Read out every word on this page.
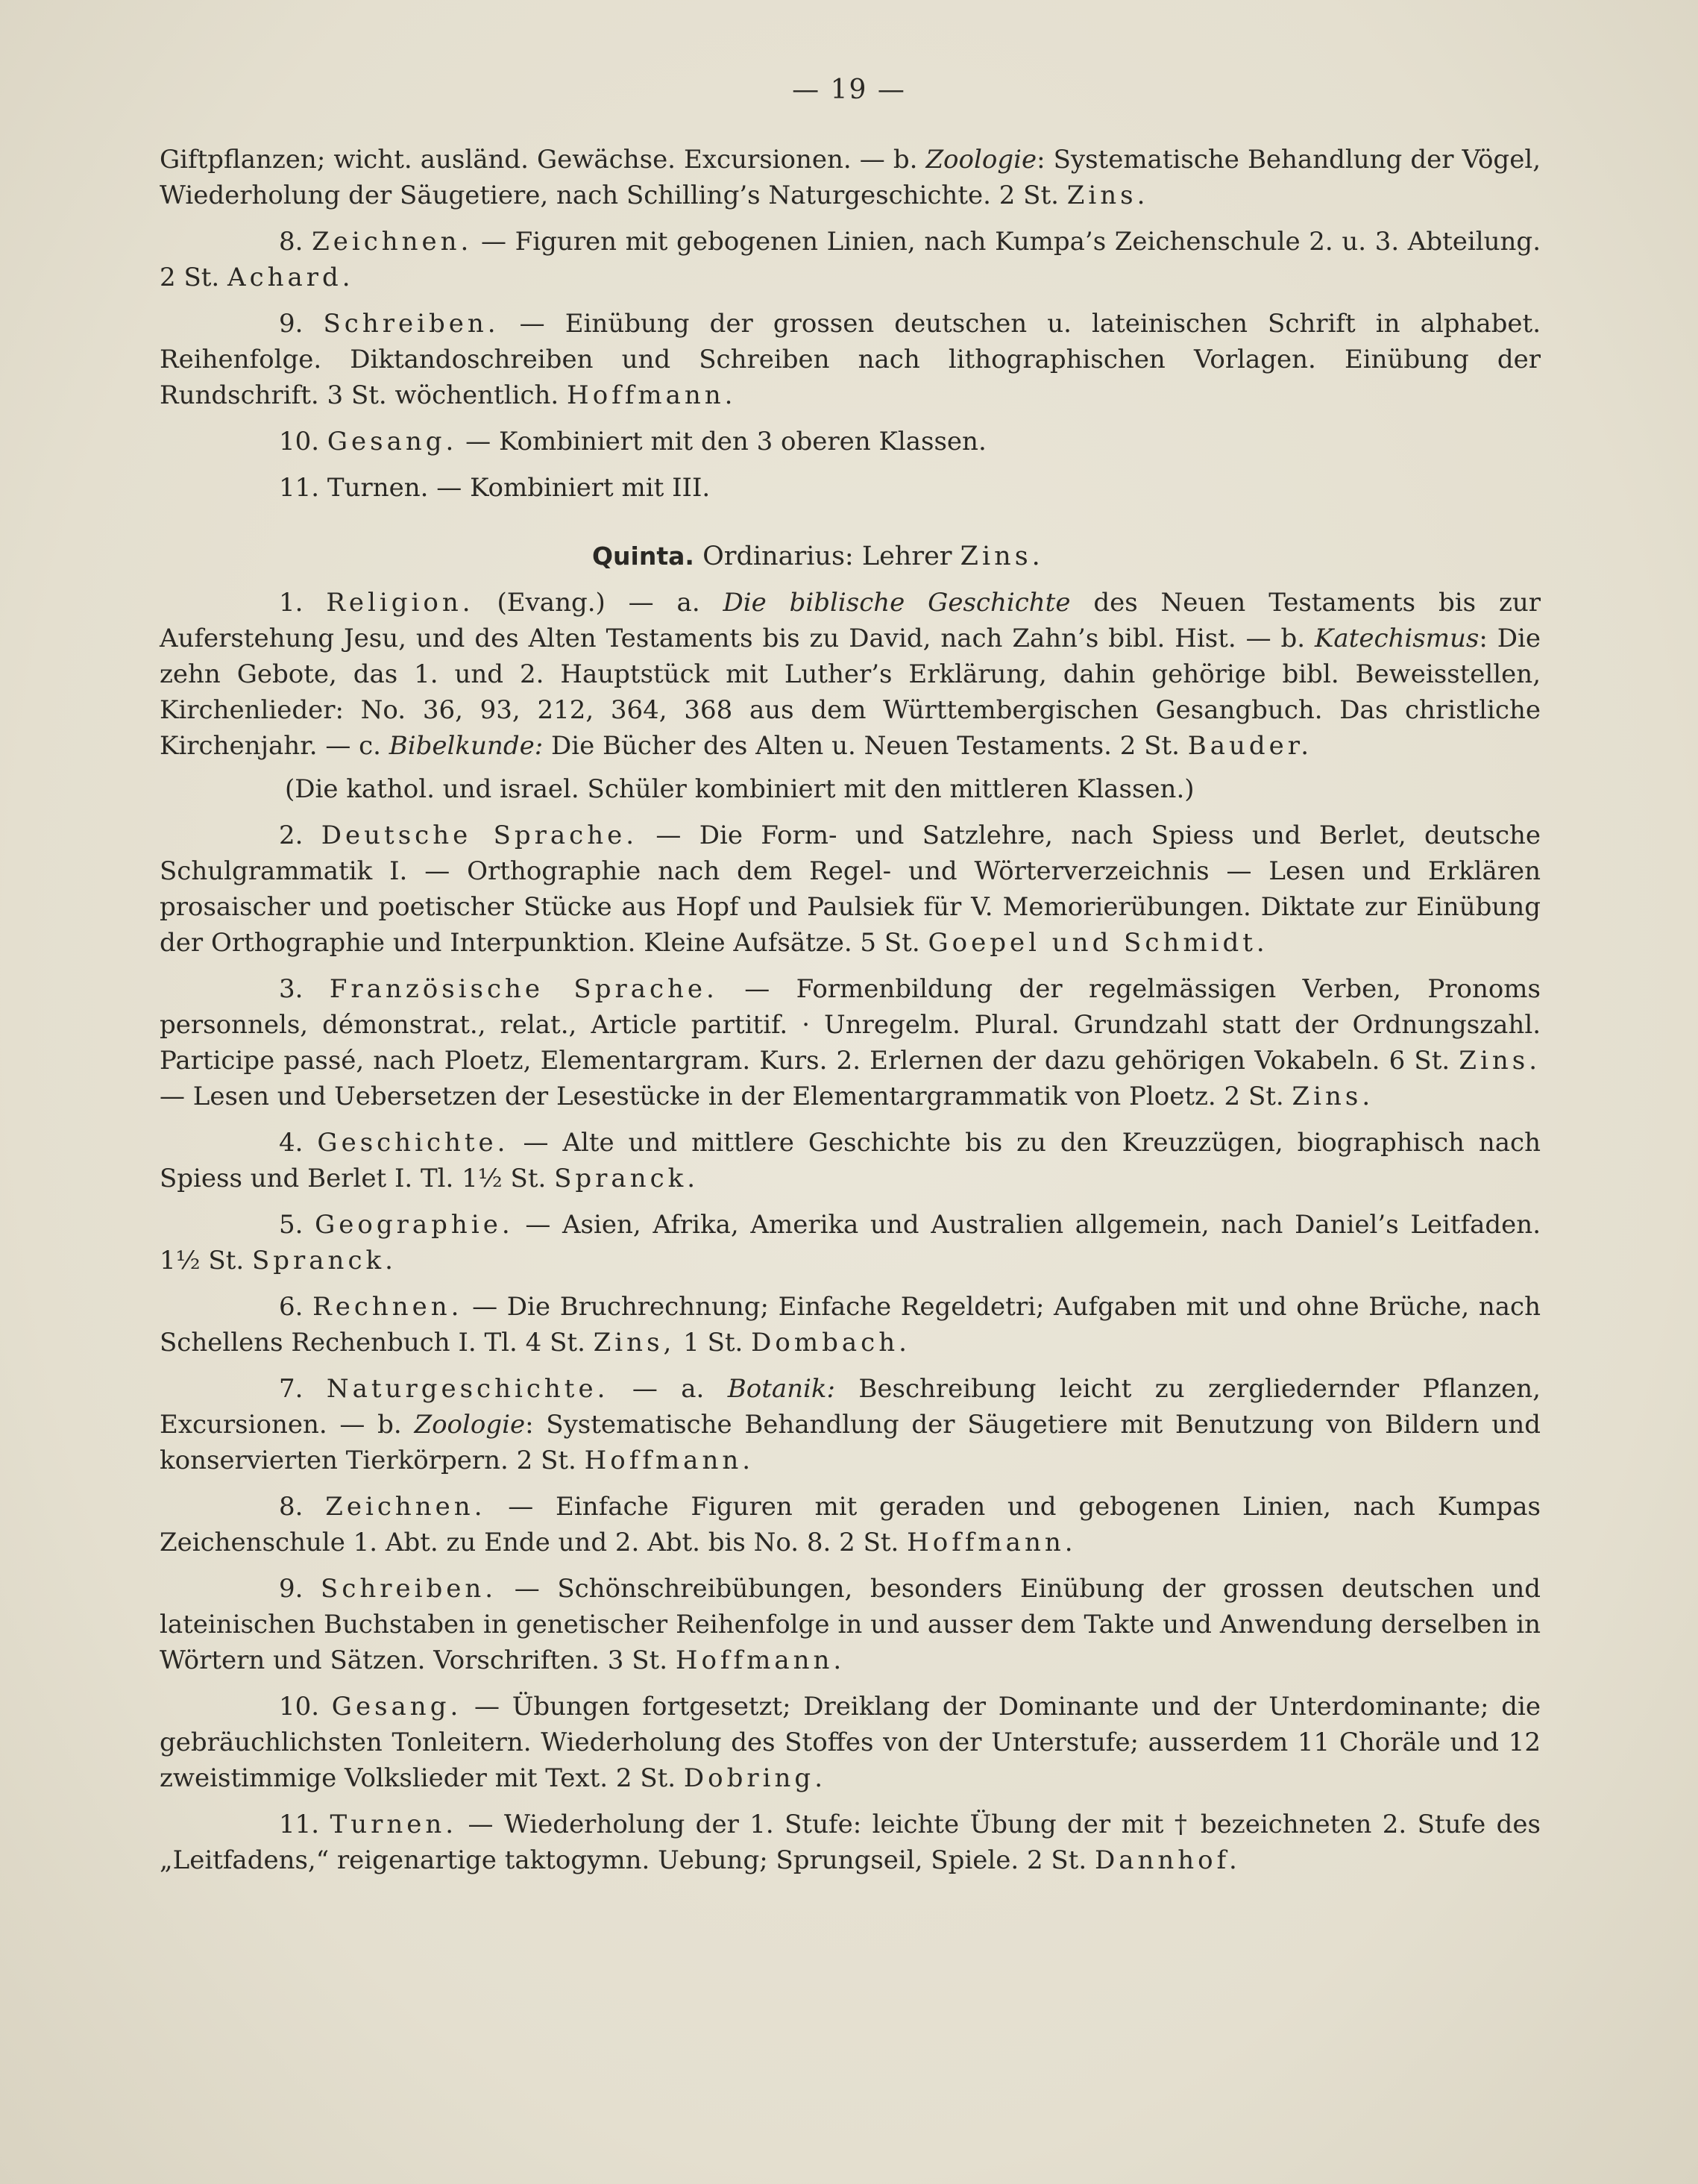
— 19 —

Giftpflanzen; wicht. ausländ. Gewächse. Excursionen. — b. Zoologie: Systematische Behandlung der Vögel, Wiederholung der Säugetiere, nach Schilling’s Naturgeschichte. 2 St. Zins.

8. Zeichnen. — Figuren mit gebogenen Linien, nach Kumpa’s Zeichenschule 2. u. 3. Abteilung. 2 St. Achard.

9. Schreiben. — Einübung der grossen deutschen u. lateinischen Schrift in alphabet. Reihenfolge. Diktandoschreiben und Schreiben nach lithographischen Vorlagen. Einübung der Rundschrift. 3 St. wöchentlich. Hoffmann.

10. Gesang. — Kombiniert mit den 3 oberen Klassen.

11. Turnen. — Kombiniert mit III.

Quinta. Ordinarius: Lehrer Zins.

1. Religion. (Evang.) — a. Die biblische Geschichte des Neuen Testaments bis zur Auferstehung Jesu, und des Alten Testaments bis zu David, nach Zahn’s bibl. Hist. — b. Katechismus: Die zehn Gebote, das 1. und 2. Hauptstück mit Luther’s Erklärung, dahin gehörige bibl. Beweisstellen, Kirchenlieder: No. 36, 93, 212, 364, 368 aus dem Württembergischen Gesangbuch. Das christliche Kirchenjahr. — c. Bibelkunde: Die Bücher des Alten u. Neuen Testaments. 2 St. Bauder.

(Die kathol. und israel. Schüler kombiniert mit den mittleren Klassen.)

2. Deutsche Sprache. — Die Form- und Satzlehre, nach Spiess und Berlet, deutsche Schulgrammatik I. — Orthographie nach dem Regel- und Wörterverzeichnis — Lesen und Erklären prosaischer und poetischer Stücke aus Hopf und Paulsiek für V. Memorierübungen. Diktate zur Einübung der Orthographie und Interpunktion. Kleine Aufsätze. 5 St. Goepel und Schmidt.

3. Französische Sprache. — Formenbildung der regelmässigen Verben, Pronoms personnels, démonstrat., relat., Article partitif. · Unregelm. Plural. Grundzahl statt der Ordnungszahl. Participe passé, nach Ploetz, Elementargram. Kurs. 2. Erlernen der dazu gehörigen Vokabeln. 6 St. Zins. — Lesen und Uebersetzen der Lesestücke in der Elementargrammatik von Ploetz. 2 St. Zins.

4. Geschichte. — Alte und mittlere Geschichte bis zu den Kreuzzügen, biographisch nach Spiess und Berlet I. Tl. 1½ St. Spranck.

5. Geographie. — Asien, Afrika, Amerika und Australien allgemein, nach Daniel’s Leitfaden. 1½ St. Spranck.

6. Rechnen. — Die Bruchrechnung; Einfache Regeldetri; Aufgaben mit und ohne Brüche, nach Schellens Rechenbuch I. Tl. 4 St. Zins, 1 St. Dombach.

7. Naturgeschichte. — a. Botanik: Beschreibung leicht zu zergliedernder Pflanzen, Excursionen. — b. Zoologie: Systematische Behandlung der Säugetiere mit Benutzung von Bildern und konservierten Tierkörpern. 2 St. Hoffmann.

8. Zeichnen. — Einfache Figuren mit geraden und gebogenen Linien, nach Kumpas Zeichenschule 1. Abt. zu Ende und 2. Abt. bis No. 8. 2 St. Hoffmann.

9. Schreiben. — Schönschreibübungen, besonders Einübung der grossen deutschen und lateinischen Buchstaben in genetischer Reihenfolge in und ausser dem Takte und Anwendung derselben in Wörtern und Sätzen. Vorschriften. 3 St. Hoffmann.

10. Gesang. — Übungen fortgesetzt; Dreiklang der Dominante und der Unterdominante; die gebräuchlichsten Tonleitern. Wiederholung des Stoffes von der Unterstufe; ausserdem 11 Choräle und 12 zweistimmige Volkslieder mit Text. 2 St. Dobring.

11. Turnen. — Wiederholung der 1. Stufe: leichte Übung der mit † bezeichneten 2. Stufe des „Leitfadens,“ reigenartige taktogymn. Uebung; Sprungseil, Spiele. 2 St. Dannhof.
